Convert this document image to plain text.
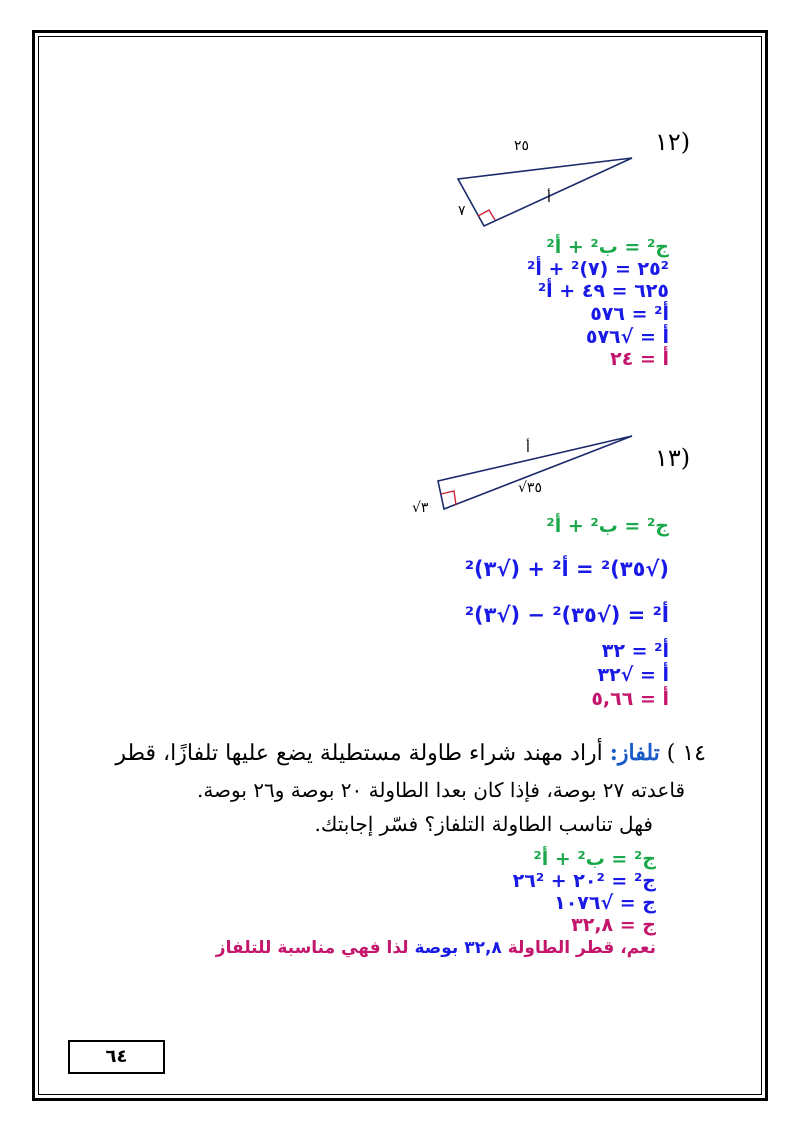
(١٢
٢٥
أ
٧
ج² = ب² + أ²
٢٥² = (٧)² + أ²
٦٢٥ = ٤٩ + أ²
أ² = ٥٧٦
أ = √٥٧٦
أ = ٢٤
(١٣
أ
√٣٥
√٣
ج² = ب² + أ²
(√٣٥)² = أ² + (√٣)²
أ² = (√٣٥)² − (√٣)²
أ² = ٣٢
أ = √٣٢
أ = ٥,٦٦
١٤ ) تلفاز: أراد مهند شراء طاولة مستطيلة يضع عليها تلفازًا، قطر
قاعدته ٢٧ بوصة، فإذا كان بعدا الطاولة ٢٠ بوصة و٢٦ بوصة.
فهل تناسب الطاولة التلفاز؟ فسّر إجابتك.
ج² = ب² + أ²
ج² = ٢٠² + ٢٦²
ج = √١٠٧٦
ج = ٣٢,٨
نعم، قطر الطاولة ٣٢,٨ بوصة لذا فهي مناسبة للتلفاز
٦٤
